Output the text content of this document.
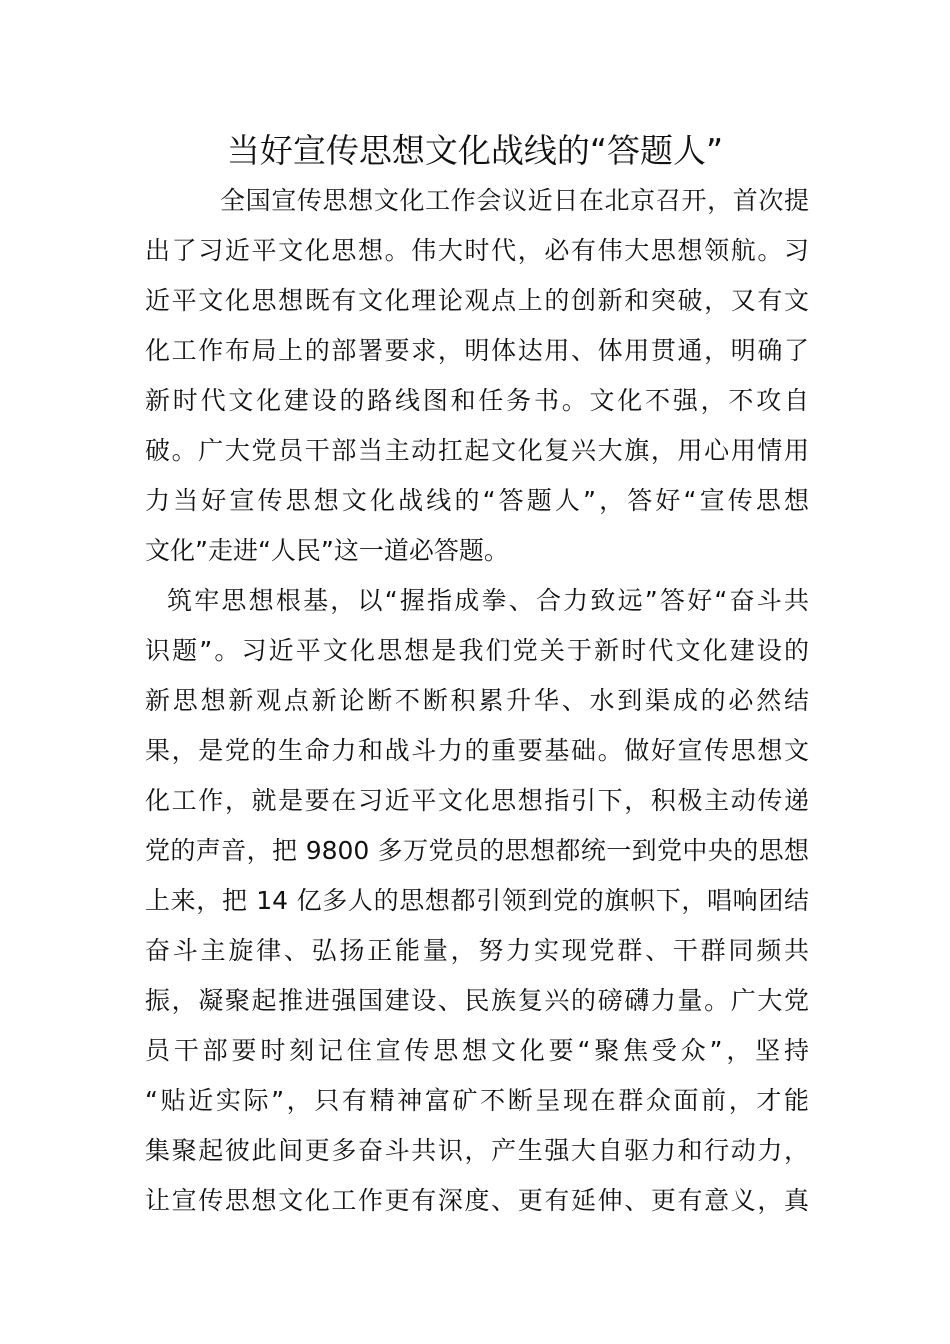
当好宣传思想文化战线的“答题人”
全国宣传思想文化工作会议近日在北京召开，首次提
出了习近平文化思想。伟大时代，必有伟大思想领航。习
近平文化思想既有文化理论观点上的创新和突破，又有文
化工作布局上的部署要求，明体达用、体用贯通，明确了
新时代文化建设的路线图和任务书。文化不强，不攻自
破。广大党员干部当主动扛起文化复兴大旗，用心用情用
力当好宣传思想文化战线的“答题人”，答好“宣传思想
文化”走进“人民”这一道必答题。
筑牢思想根基，以“握指成拳、合力致远”答好“奋斗共
识题”。习近平文化思想是我们党关于新时代文化建设的
新思想新观点新论断不断积累升华、水到渠成的必然结
果，是党的生命力和战斗力的重要基础。做好宣传思想文
化工作，就是要在习近平文化思想指引下，积极主动传递
党的声音，把 9800 多万党员的思想都统一到党中央的思想
上来，把 14 亿多人的思想都引领到党的旗帜下，唱响团结
奋斗主旋律、弘扬正能量，努力实现党群、干群同频共
振，凝聚起推进强国建设、民族复兴的磅礴力量。广大党
员干部要时刻记住宣传思想文化要“聚焦受众”，坚持
“贴近实际”，只有精神富矿不断呈现在群众面前，才能
集聚起彼此间更多奋斗共识，产生强大自驱力和行动力，
让宣传思想文化工作更有深度、更有延伸、更有意义，真
